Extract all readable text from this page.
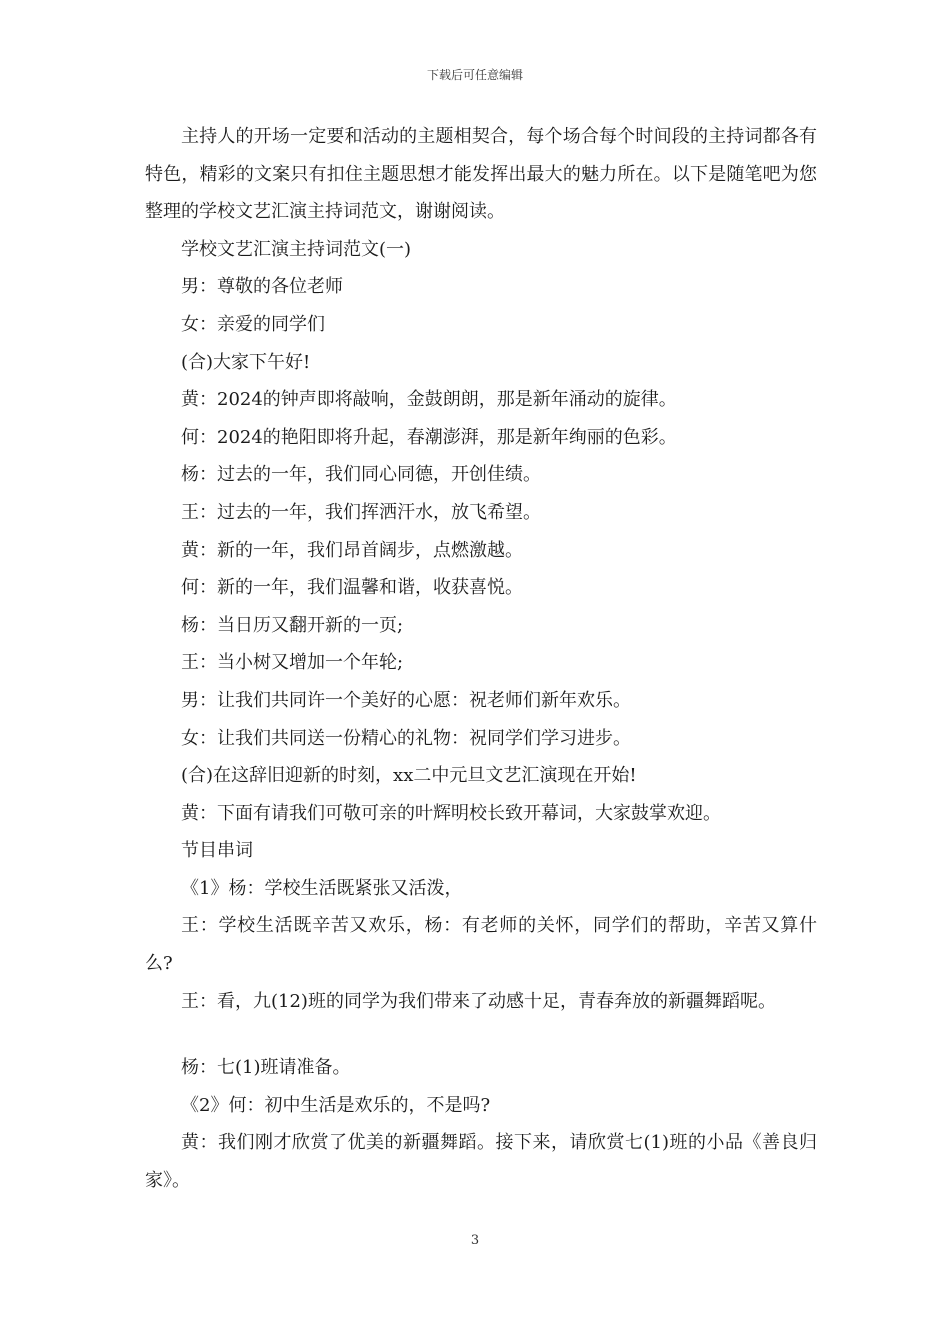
下载后可任意编辑

主持人的开场一定要和活动的主题相契合，每个场合每个时间段的主持词都各有特色，精彩的文案只有扣住主题思想才能发挥出最大的魅力所在。以下是随笔吧为您整理的学校文艺汇演主持词范文，谢谢阅读。

学校文艺汇演主持词范文(一)

男：尊敬的各位老师

女：亲爱的同学们

(合)大家下午好!

黄：2024的钟声即将敲响，金鼓朗朗，那是新年涌动的旋律。

何：2024的艳阳即将升起，春潮澎湃，那是新年绚丽的色彩。

杨：过去的一年，我们同心同德，开创佳绩。

王：过去的一年，我们挥洒汗水，放飞希望。

黄：新的一年，我们昂首阔步，点燃激越。

何：新的一年，我们温馨和谐，收获喜悦。

杨：当日历又翻开新的一页;

王：当小树又增加一个年轮;

男：让我们共同许一个美好的心愿：祝老师们新年欢乐。

女：让我们共同送一份精心的礼物：祝同学们学习进步。

(合)在这辞旧迎新的时刻，xx二中元旦文艺汇演现在开始!

黄：下面有请我们可敬可亲的叶辉明校长致开幕词，大家鼓掌欢迎。

节目串词

《1》杨：学校生活既紧张又活泼，

王：学校生活既辛苦又欢乐，杨：有老师的关怀，同学们的帮助，辛苦又算什么?

王：看，九(12)班的同学为我们带来了动感十足，青春奔放的新疆舞蹈呢。

杨：七(1)班请准备。

《2》何：初中生活是欢乐的，不是吗?

黄：我们刚才欣赏了优美的新疆舞蹈。接下来，请欣赏七(1)班的小品《善良归家》。

3
